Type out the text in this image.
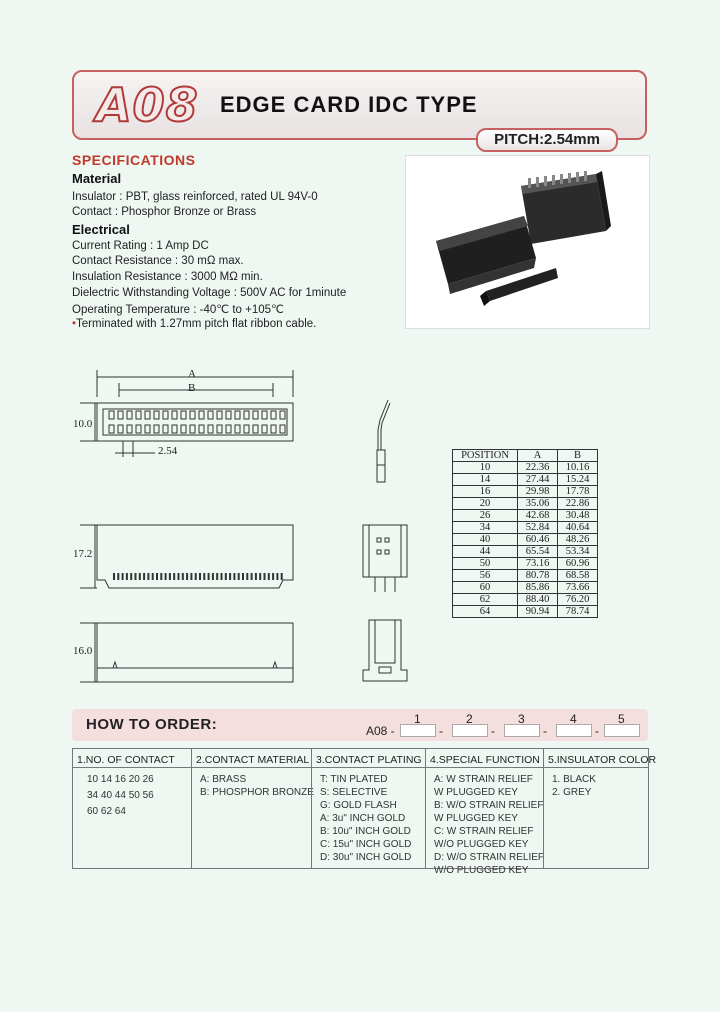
A08 EDGE CARD IDC TYPE
PITCH:2.54mm
SPECIFICATIONS
Material
Insulator : PBT, glass reinforced, rated UL 94V-0
Contact : Phosphor Bronze or Brass
Electrical
Current Rating : 1 Amp DC
Contact Resistance : 30 mΩ max.
Insulation Resistance : 3000 MΩ min.
Dielectric Withstanding Voltage : 500V AC for 1minute
Operating Temperature : -40℃ to +105℃
•Terminated with 1.27mm pitch flat ribbon cable.
A
B
10.0
2.54
17.2
16.0
POSITION	A	B
10	22.36	10.16
14	27.44	15.24
16	29.98	17.78
20	35.06	22.86
26	42.68	30.48
34	52.84	40.64
40	60.46	48.26
44	65.54	53.34
50	73.16	60.96
56	80.78	68.58
60	85.86	73.66
62	88.40	76.20
64	90.94	78.74
HOW TO ORDER:	A08 -
1
-
2
-
3
-
4
-
5
1.NO. OF CONTACT
10 14 16 20 26
34 40 44 50 56
60 62 64
2.CONTACT MATERIAL
A: BRASS
B: PHOSPHOR BRONZE
3.CONTACT PLATING
T: TIN PLATED
S: SELECTIVE
G: GOLD FLASH
A: 3u" INCH GOLD
B: 10u" INCH GOLD
C: 15u" INCH GOLD
D: 30u" INCH GOLD
4.SPECIAL FUNCTION
A: W STRAIN RELIEF
W PLUGGED KEY
B: W/O STRAIN RELIEF
W PLUGGED KEY
C: W STRAIN RELIEF
W/O PLUGGED KEY
D: W/O STRAIN RELIEF
W/O PLUGGED KEY
5.INSULATOR COLOR
1. BLACK
2. GREY
